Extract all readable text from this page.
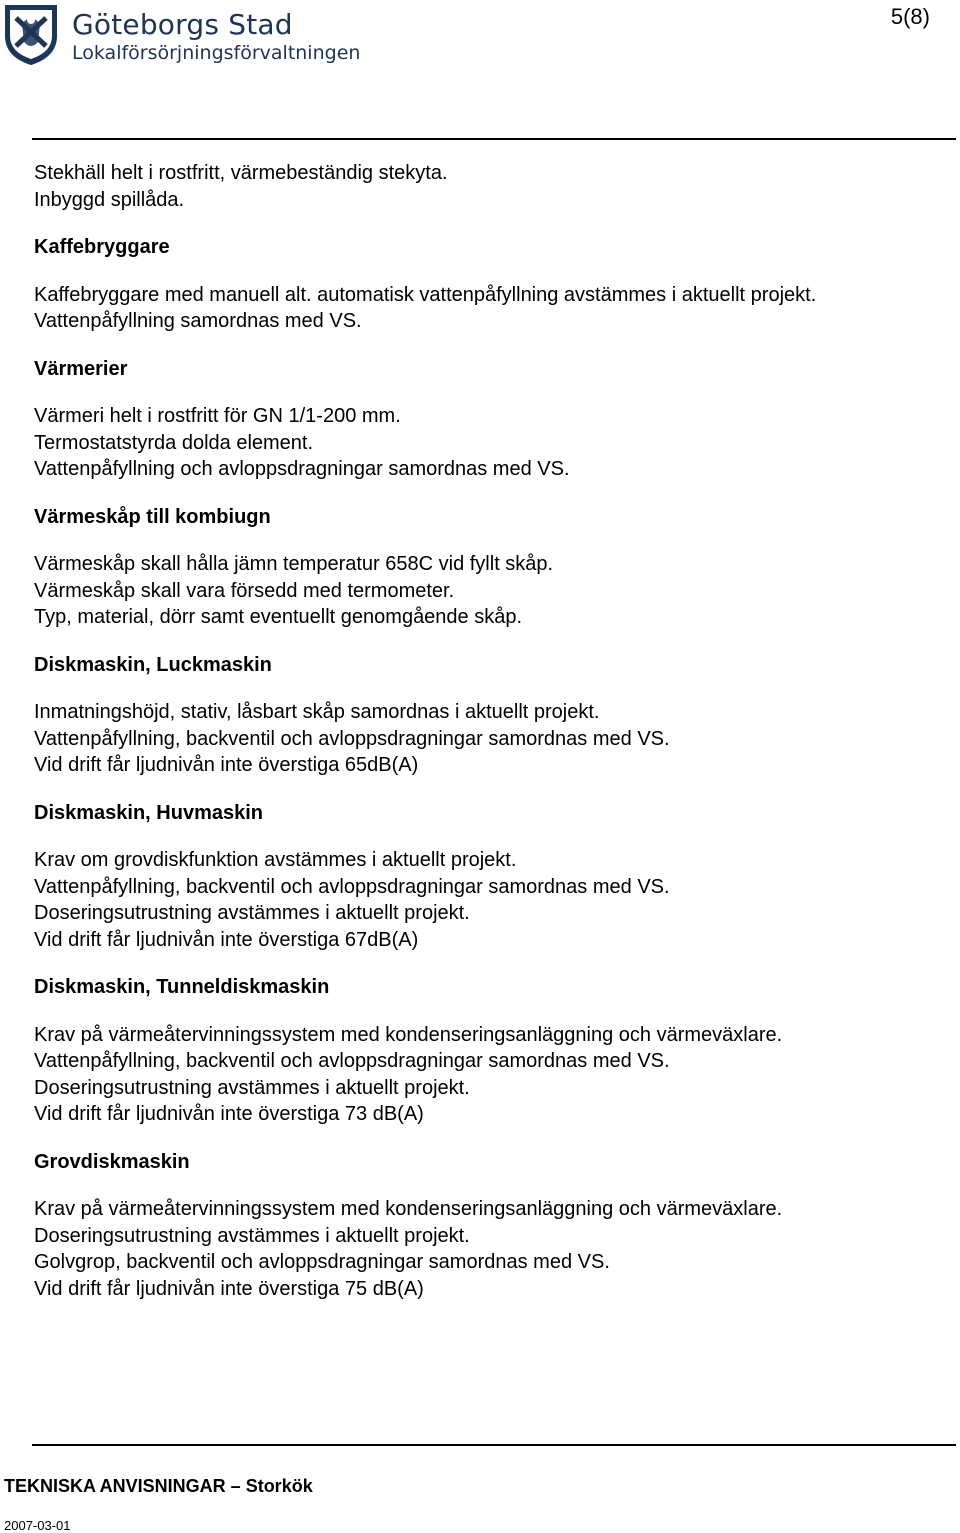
Göteborgs Stad
Lokalförsörjningsförvaltningen
5(8)
Stekhäll helt i rostfritt, värmebeständig stekyta.
Inbyggd spillåda.
Kaffebryggare
Kaffebryggare med manuell alt. automatisk vattenpåfyllning avstämmes i aktuellt projekt.
Vattenpåfyllning samordnas med VS.
Värmerier
Värmeri helt i rostfritt för GN 1/1-200 mm.
Termostatstyrda dolda element.
Vattenpåfyllning och avloppsdragningar samordnas med VS.
Värmeskåp till kombiugn
Värmeskåp skall hålla jämn temperatur 658C vid fyllt skåp.
Värmeskåp skall vara försedd med termometer.
Typ, material, dörr samt eventuellt genomgående skåp.
Diskmaskin, Luckmaskin
Inmatningshöjd, stativ, låsbart skåp samordnas i aktuellt projekt.
Vattenpåfyllning, backventil och avloppsdragningar samordnas med VS.
Vid drift får ljudnivån inte överstiga 65dB(A)
Diskmaskin, Huvmaskin
Krav om grovdiskfunktion avstämmes i aktuellt projekt.
Vattenpåfyllning, backventil och avloppsdragningar samordnas med VS.
Doseringsutrustning avstämmes i aktuellt projekt.
Vid drift får ljudnivån inte överstiga 67dB(A)
Diskmaskin, Tunneldiskmaskin
Krav på värmeåtervinningssystem med kondenseringsanläggning och värmeväxlare.
Vattenpåfyllning, backventil och avloppsdragningar samordnas med VS.
Doseringsutrustning avstämmes i aktuellt projekt.
Vid drift får ljudnivån inte överstiga 73 dB(A)
Grovdiskmaskin
Krav på värmeåtervinningssystem med kondenseringsanläggning och värmeväxlare.
Doseringsutrustning avstämmes i aktuellt projekt.
Golvgrop, backventil och avloppsdragningar samordnas med VS.
Vid drift får ljudnivån inte överstiga 75 dB(A)
TEKNISKA ANVISNINGAR – Storkök
2007-03-01
